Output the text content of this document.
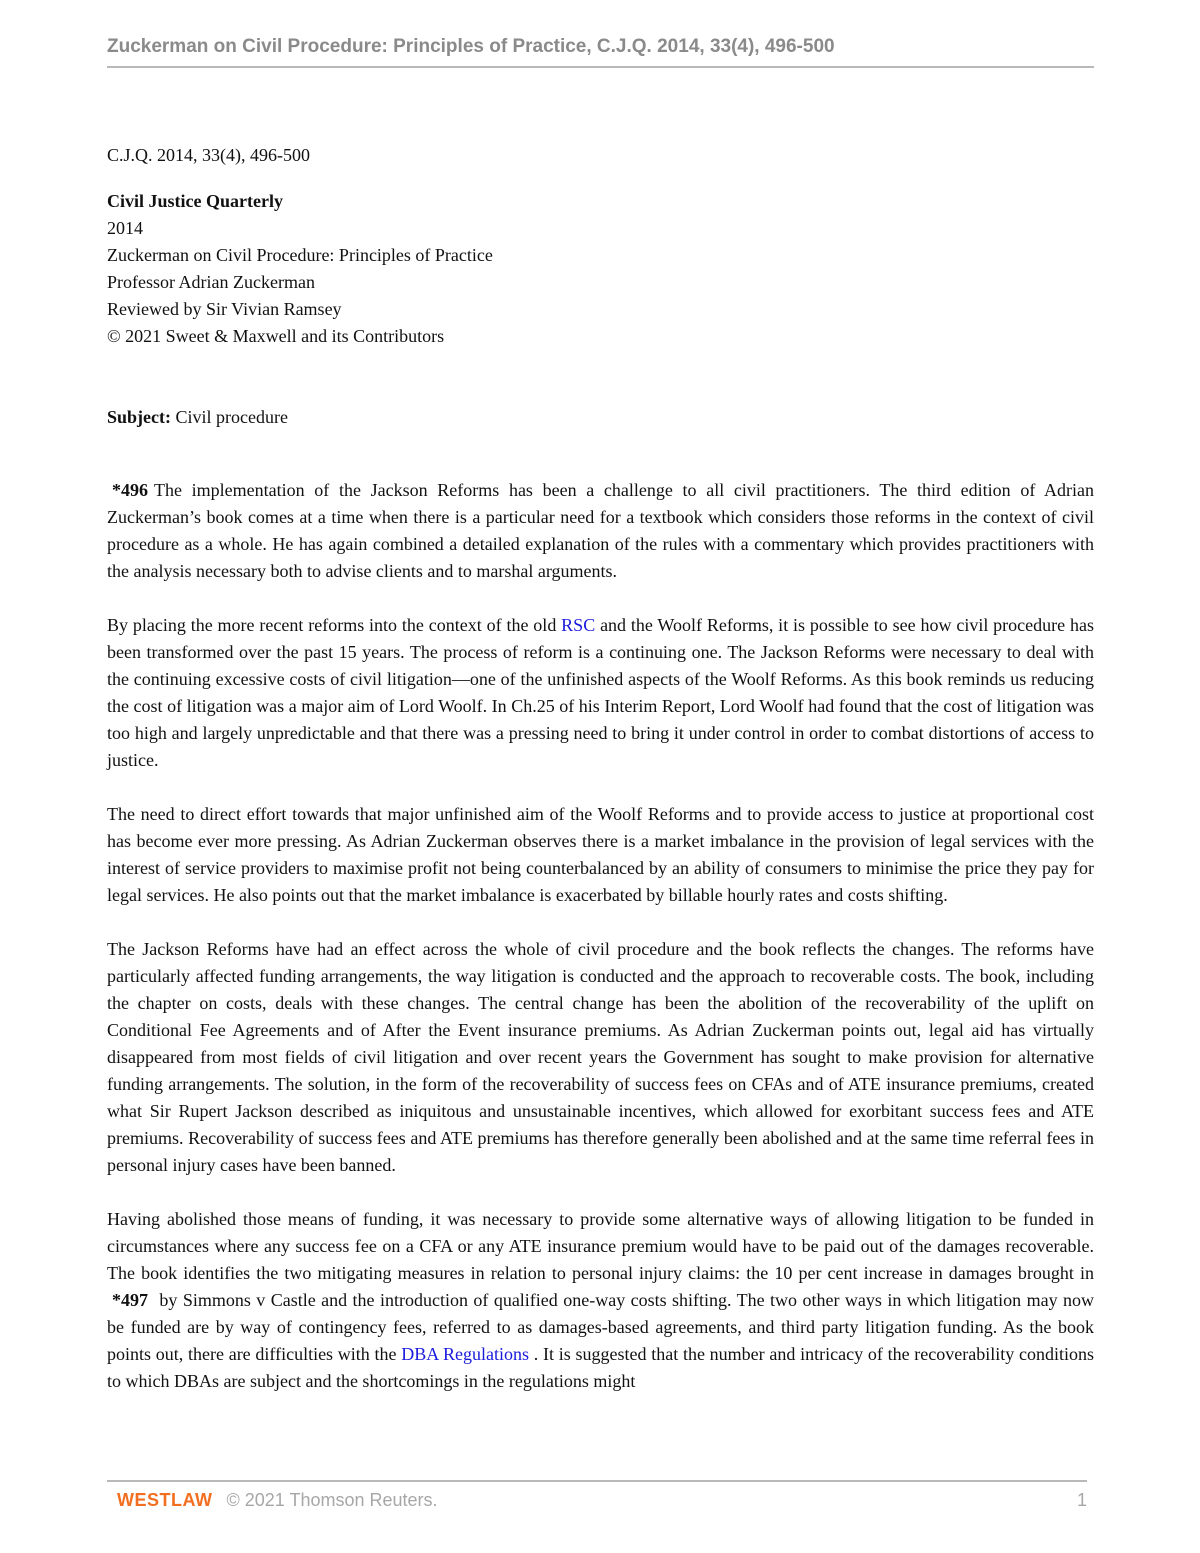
Zuckerman on Civil Procedure: Principles of Practice, C.J.Q. 2014, 33(4), 496-500
C.J.Q. 2014, 33(4), 496-500
Civil Justice Quarterly
2014
Zuckerman on Civil Procedure: Principles of Practice
Professor Adrian Zuckerman
Reviewed by Sir Vivian Ramsey
© 2021 Sweet & Maxwell and its Contributors
Subject: Civil procedure

*496 The implementation of the Jackson Reforms has been a challenge to all civil practitioners. The third edition of Adrian Zuckerman’s book comes at a time when there is a particular need for a textbook which considers those reforms in the context of civil procedure as a whole. He has again combined a detailed explanation of the rules with a commentary which provides practitioners with the analysis necessary both to advise clients and to marshal arguments.

By placing the more recent reforms into the context of the old RSC and the Woolf Reforms, it is possible to see how civil procedure has been transformed over the past 15 years. The process of reform is a continuing one. The Jackson Reforms were necessary to deal with the continuing excessive costs of civil litigation—one of the unfinished aspects of the Woolf Reforms. As this book reminds us reducing the cost of litigation was a major aim of Lord Woolf. In Ch.25 of his Interim Report, Lord Woolf had found that the cost of litigation was too high and largely unpredictable and that there was a pressing need to bring it under control in order to combat distortions of access to justice.

The need to direct effort towards that major unfinished aim of the Woolf Reforms and to provide access to justice at proportional cost has become ever more pressing. As Adrian Zuckerman observes there is a market imbalance in the provision of legal services with the interest of service providers to maximise profit not being counterbalanced by an ability of consumers to minimise the price they pay for legal services. He also points out that the market imbalance is exacerbated by billable hourly rates and costs shifting.

The Jackson Reforms have had an effect across the whole of civil procedure and the book reflects the changes. The reforms have particularly affected funding arrangements, the way litigation is conducted and the approach to recoverable costs. The book, including the chapter on costs, deals with these changes. The central change has been the abolition of the recoverability of the uplift on Conditional Fee Agreements and of After the Event insurance premiums. As Adrian Zuckerman points out, legal aid has virtually disappeared from most fields of civil litigation and over recent years the Government has sought to make provision for alternative funding arrangements. The solution, in the form of the recoverability of success fees on CFAs and of ATE insurance premiums, created what Sir Rupert Jackson described as iniquitous and unsustainable incentives, which allowed for exorbitant success fees and ATE premiums. Recoverability of success fees and ATE premiums has therefore generally been abolished and at the same time referral fees in personal injury cases have been banned.

Having abolished those means of funding, it was necessary to provide some alternative ways of allowing litigation to be funded in circumstances where any success fee on a CFA or any ATE insurance premium would have to be paid out of the damages recoverable. The book identifies the two mitigating measures in relation to personal injury claims: the 10 per cent increase in damages brought in *497 by Simmons v Castle and the introduction of qualified one-way costs shifting. The two other ways in which litigation may now be funded are by way of contingency fees, referred to as damages-based agreements, and third party litigation funding. As the book points out, there are difficulties with the DBA Regulations . It is suggested that the number and intricacy of the recoverability conditions to which DBAs are subject and the shortcomings in the regulations might

WESTLAW © 2021 Thomson Reuters.	1
